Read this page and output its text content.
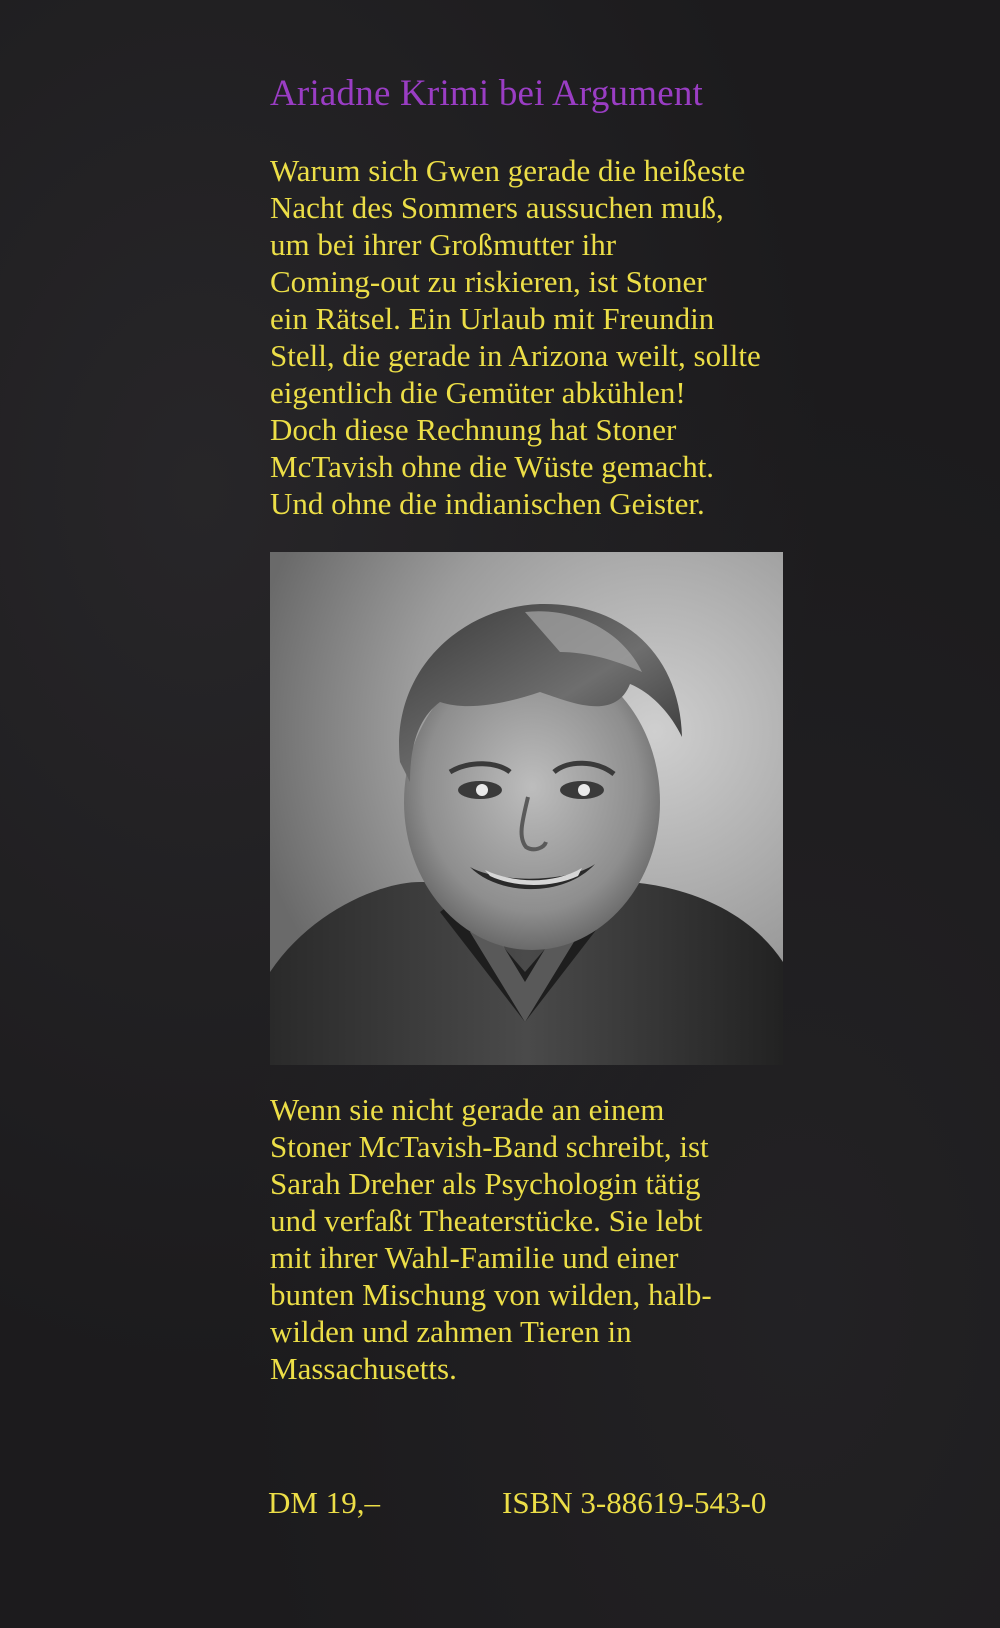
Ariadne Krimi bei Argument
Warum sich Gwen gerade die heißeste
Nacht des Sommers aussuchen muß,
um bei ihrer Großmutter ihr
Coming-out zu riskieren, ist Stoner
ein Rätsel. Ein Urlaub mit Freundin
Stell, die gerade in Arizona weilt, sollte
eigentlich die Gemüter abkühlen!
Doch diese Rechnung hat Stoner
McTavish ohne die Wüste gemacht.
Und ohne die indianischen Geister.
Wenn sie nicht gerade an einem
Stoner McTavish-Band schreibt, ist
Sarah Dreher als Psychologin tätig
und verfaßt Theaterstücke. Sie lebt
mit ihrer Wahl-Familie und einer
bunten Mischung von wilden, halb-
wilden und zahmen Tieren in
Massachusetts.
DM 19,–	ISBN 3-88619-543-0
